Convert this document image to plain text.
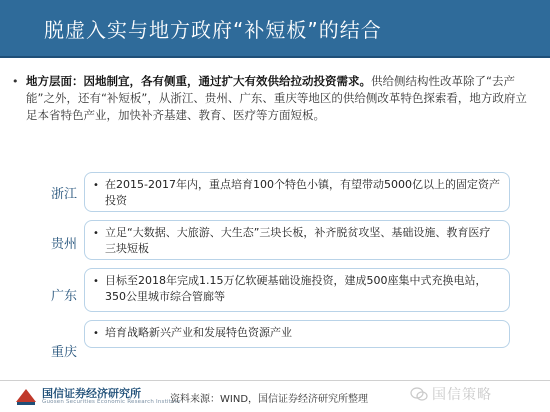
脱虚入实与地方政府“补短板”的结合
• 地方层面：因地制宜，各有侧重，通过扩大有效供给拉动投资需求。供给侧结构性改革除了“去产能”之外，还有“补短板”，从浙江、贵州、广东、重庆等地区的供给侧改革特色探索看，地方政府立足本省特色产业，加快补齐基建、教育、医疗等方面短板。
浙江
• 在2015-2017年内，重点培育100个特色小镇，有望带动5000亿以上的固定资产投资
贵州
• 立足“大数据、大旅游、大生态”三块长板，补齐脱贫攻坚、基础设施、教育医疗三块短板
广东
• 目标至2018年完成1.15万亿软硬基础设施投资，建成500座集中式充换电站，350公里城市综合管廊等
重庆
• 培育战略新兴产业和发展特色资源产业
国信证券经济研究所
Guosen Securities Economic Research Institute
资料来源：WIND，国信证券经济研究所整理	国信策略
